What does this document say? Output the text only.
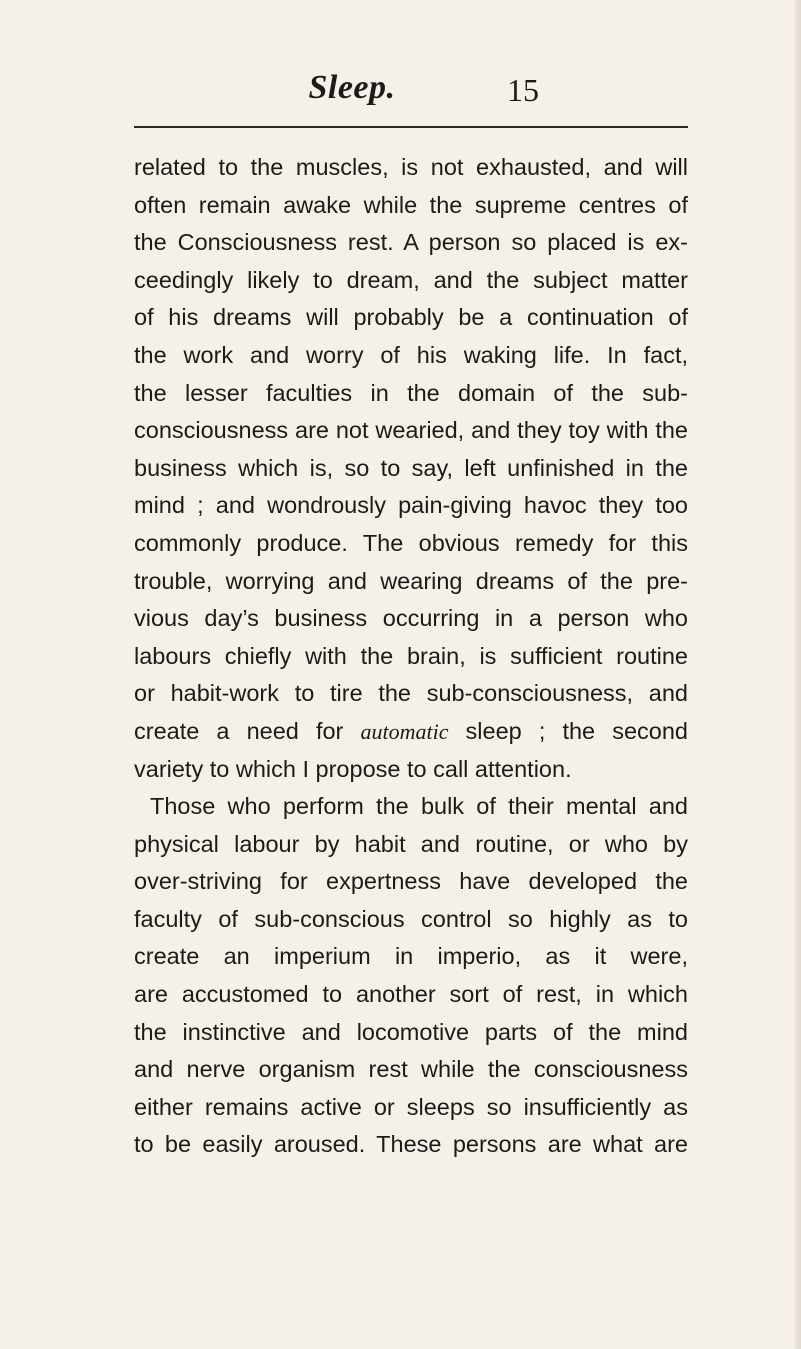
Sleep.	15
related to the muscles, is not exhausted, and will
often remain awake while the supreme centres of
the Consciousness rest. A person so placed is ex-
ceedingly likely to dream, and the subject matter
of his dreams will probably be a continuation of
the work and worry of his waking life. In fact,
the lesser faculties in the domain of the sub-
consciousness are not wearied, and they toy with the
business which is, so to say, left unfinished in the
mind ; and wondrously pain-giving havoc they too
commonly produce. The obvious remedy for this
trouble, worrying and wearing dreams of the pre-
vious day’s business occurring in a person who
labours chiefly with the brain, is sufficient routine
or habit-work to tire the sub-consciousness, and
create a need for automatic sleep ; the second
variety to which I propose to call attention.
Those who perform the bulk of their mental and
physical labour by habit and routine, or who by
over-striving for expertness have developed the
faculty of sub-conscious control so highly as to
create an imperium in imperio, as it were,
are accustomed to another sort of rest, in which
the instinctive and locomotive parts of the mind
and nerve organism rest while the consciousness
either remains active or sleeps so insufficiently as
to be easily aroused. These persons are what are
